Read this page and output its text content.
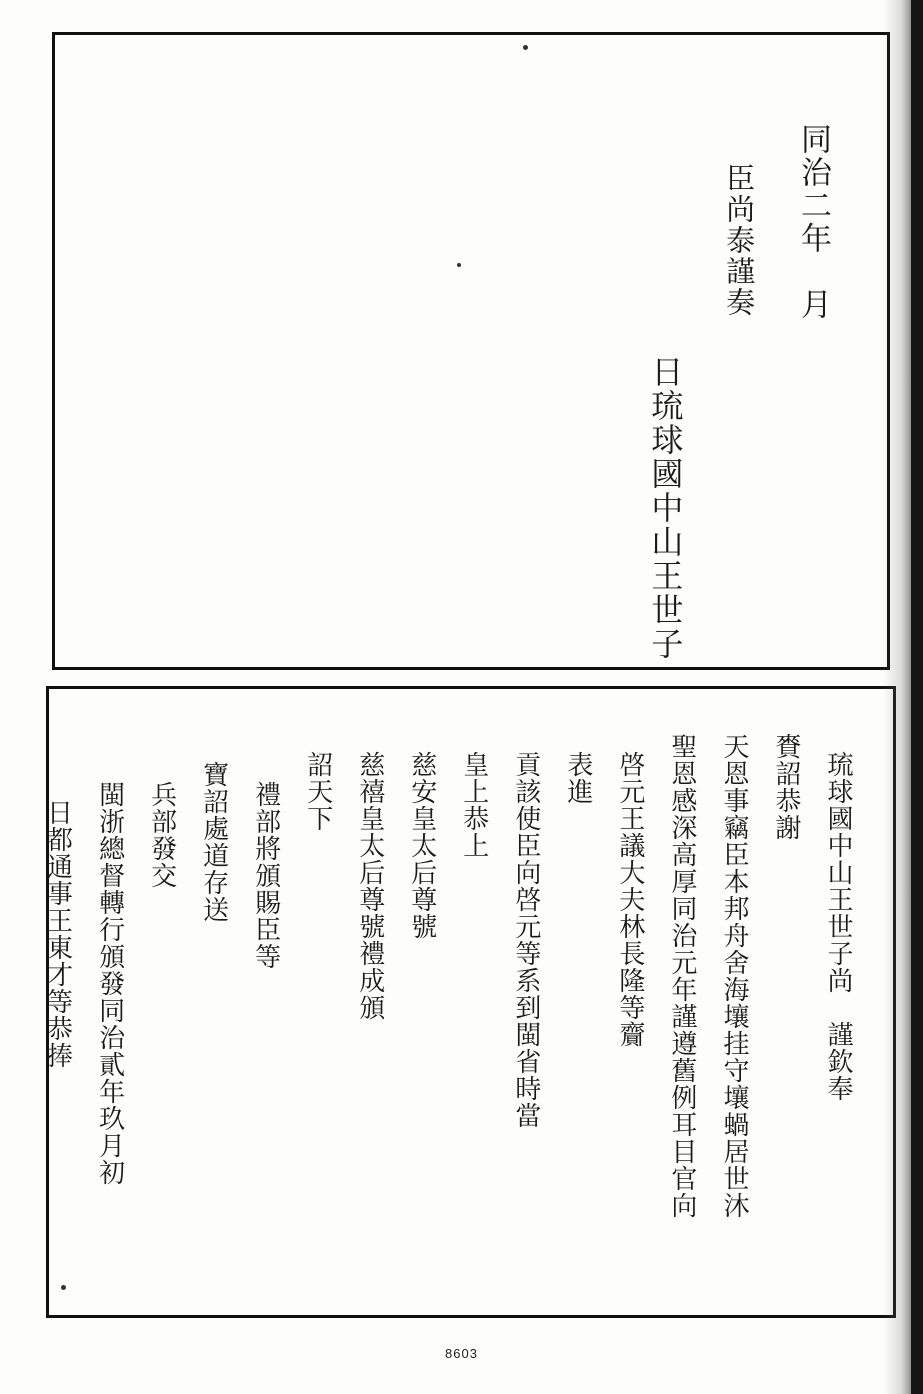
同治二年　月
臣尚泰謹奏
日琉球國中山王世子
琉球國中山王世子尚　謹欽奉
賚詔恭謝
天恩事竊臣本邦舟舍海壤挂守壤蝸居世沐
聖恩感深高厚同治元年謹遵舊例耳目官向
啓元王議大夫林長隆等齎
表進
貢該使臣向啓元等系到閩省時當
皇上恭上
慈安皇太后尊號
慈禧皇太后尊號禮成頒
詔天下
禮部將頒賜臣等
寶詔處道存送
兵部發交
閩浙總督轉行頒發同治貳年玖月初
日都通事王東才等恭捧
8603
